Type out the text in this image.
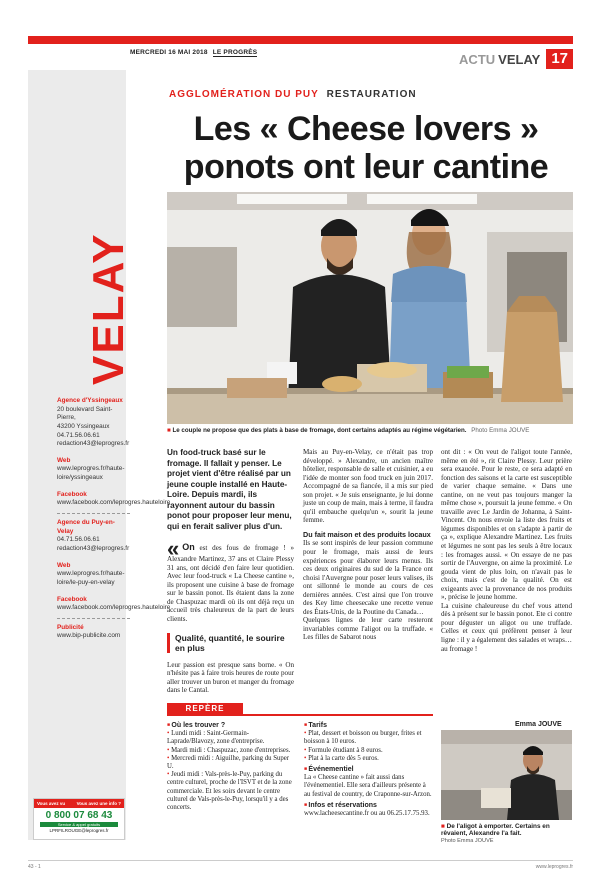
MERCREDI 16 MAI 2018 LE PROGRÈS	ACTU VELAY 17
VELAY
Agence d'Yssingeaux
20 boulevard Saint-Pierre,
43200 Yssingeaux
04.71.56.06.61
redaction43@leprogres.fr
Web
www.leprogres.fr/haute-loire/yssingeaux
Facebook
www.facebook.com/leprogres.hauteloire
Agence du Puy-en-Velay
04.71.56.06.61
redaction43@leprogres.fr
Web
www.leprogres.fr/haute-loire/le-puy-en-velay
Facebook
www.facebook.com/leprogres.hauteloire
Publicité
www.bip-publicite.com
Vous avez vu	Vous avez une info ?
0 800 07 68 43
Service & appel gratuits
LPRFILROUGE@leprogres.fr
AGGLOMÉRATION DU PUY RESTAURATION
Les « Cheese lovers » ponots ont leur cantine
■ Le couple ne propose que des plats à base de fromage, dont certains adaptés au régime végétarien. Photo Emma JOUVE

Un food-truck basé sur le fromage. Il fallait y penser. Le projet vient d'être réalisé par un jeune couple installé en Haute-Loire. Depuis mardi, ils rayonnent autour du bassin ponot pour proposer leur menu, qui en ferait saliver plus d'un.

« On est des fous de fromage ! » Alexandre Martinez, 37 ans et Claire Plessy 31 ans, ont décidé d'en faire leur quotidien. Avec leur food-truck « La Cheese cantine », ils proposent une cuisine à base de fromage sur le bassin ponot. Ils étaient dans la zone de Chaspuzac mardi où ils ont déjà reçu un accueil très chaleureux de la part de leurs clients.

Qualité, quantité, le sourire en plus

Leur passion est presque sans borne. « On n'hésite pas à faire trois heures de route pour aller trouver un buron et manger du fromage dans le Cantal.

Mais au Puy-en-Velay, ce n'était pas trop développé. » Alexandre, un ancien maître hôtelier, responsable de salle et cuisinier, a eu l'idée de monter son food truck en juin 2017. Accompagné de sa fiancée, il a mis sur pied son projet. « Je suis enseignante, je lui donne juste un coup de main, mais à terme, il faudra qu'il embauche quelqu'un », sourit la jeune femme.

Du fait maison et des produits locaux

Ils se sont inspirés de leur passion commune pour le fromage, mais aussi de leurs expériences pour élaborer leurs menus. Ils ces deux originaires du sud de la France ont choisi l'Auvergne pour poser leurs valises, ils ont sillonné le monde au cours de ces dernières années. C'est ainsi que l'on trouve des Key lime cheesecake une recette venue des États-Unis, de la Poutine du Canada…

Quelques lignes de leur carte resteront invariables comme l'aligot ou la truffade. « Les filles de Sabarot nous

ont dit : « On veut de l'aligot toute l'année, même en été », rit Claire Plessy. Leur prière sera exaucée. Pour le reste, ce sera adapté en fonction des saisons et la carte est susceptible de varier chaque semaine. « Dans une cantine, on ne veut pas toujours manger la même chose », poursuit la jeune femme. « On travaille avec Le Jardin de Johanna, à Saint-Vincent. On nous envoie la liste des fruits et légumes disponibles et on s'adapte à partir de ça », explique Alexandre Martinez. Les fruits et légumes ne sont pas les seuls à être locaux : les fromages aussi. « On essaye de ne pas sortir de l'Auvergne, on aime la proximité. Le gouda vient de plus loin, on n'avait pas le choix, mais c'est de la qualité. On est exigeants avec la provenance de nos produits », précise le jeune homme.

La cuisine chaleureuse du chef vous attend dès à présent sur le bassin ponot. Ete ci contre pour déguster un aligot ou une truffade. Celles et ceux qui préfèrent penser à leur ligne : il y a également des salades et wraps… au fromage !

Emma JOUVE
REPÈRE
■ Où les trouver ?
• Lundi midi : Saint-Germain-Laprade/Blavozy, zone d'entreprise.
• Mardi midi : Chaspuzac, zone d'entreprises.
• Mercredi midi : Aiguilhe, parking du Super U.
• Jeudi midi : Vals-près-le-Puy, parking du centre culturel, proche de l'ISVT et de la zone commerciale. Et les soirs devant le centre culturel de Vals-près-le-Puy, lorsqu'il y a des concerts.
■ Tarifs
• Plat, dessert et boisson ou burger, frites et boisson à 10 euros.
• Formule étudiant à 8 euros.
• Plat à la carte dès 5 euros.
■ Événementiel
La « Cheese cantine » fait aussi dans l'événementiel. Elle sera d'ailleurs présente à au festival de country, de Craponne-sur-Arzon.
■ Infos et réservations
www.lacheesecantine.fr ou au 06.25.17.75.93.
■ De l'aligot à emporter. Certains en rêvaient, Alexandre l'a fait.
Photo Emma JOUVE
43 - 1	www.leprogres.fr
